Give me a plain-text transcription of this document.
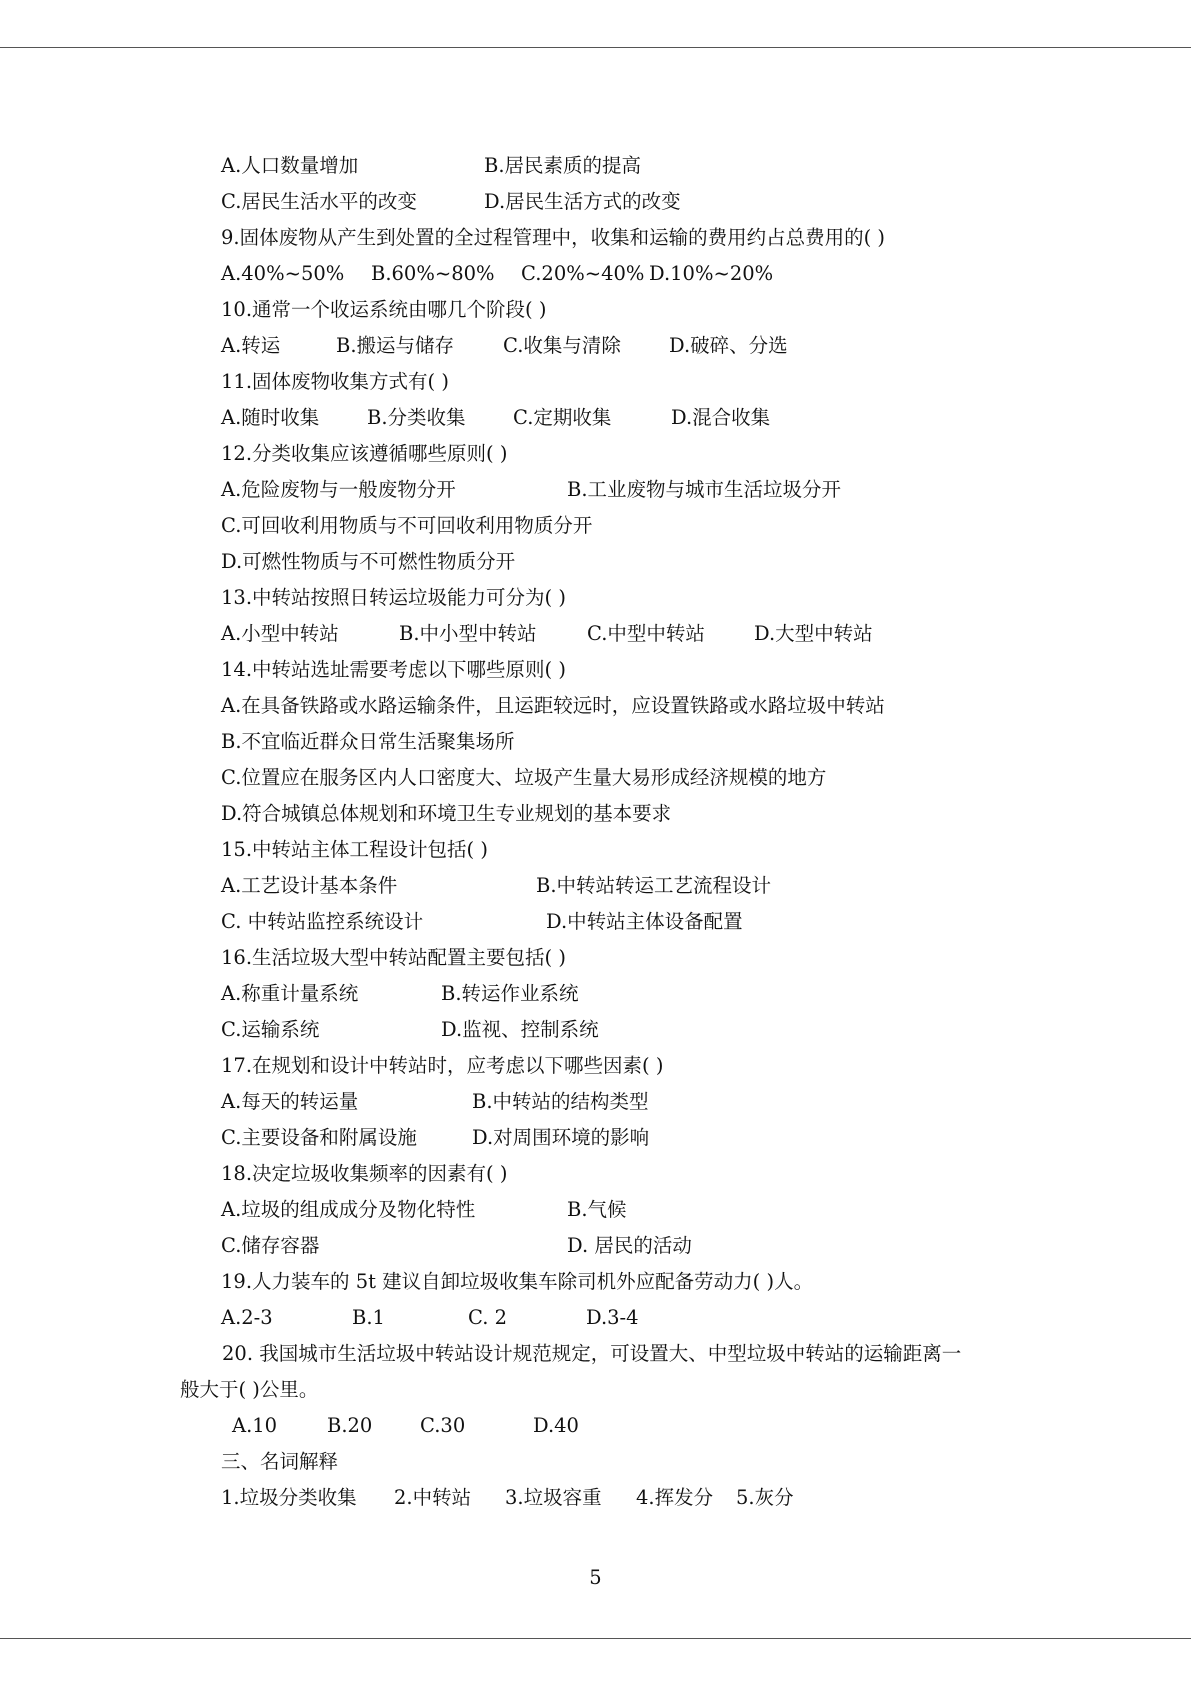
A.人口数量增加	B.居民素质的提高
C.居民生活水平的改变	D.居民生活方式的改变
9.固体废物从产生到处置的全过程管理中，收集和运输的费用约占总费用的( )
A.40%~50% B.60%~80% C.20%~40% D.10%~20%
10.通常一个收运系统由哪几个阶段( )
A.转运	B.搬运与储存	C.收集与清除 D.破碎、分选
11.固体废物收集方式有( )
A.随时收集 B.分类收集 C.定期收集	D.混合收集
12.分类收集应该遵循哪些原则( )
A.危险废物与一般废物分开	B.工业废物与城市生活垃圾分开
C.可回收利用物质与不可回收利用物质分开
D.可燃性物质与不可燃性物质分开
13.中转站按照日转运垃圾能力可分为( )
A.小型中转站	B.中小型中转站	C.中型中转站	D.大型中转站
14.中转站选址需要考虑以下哪些原则( )
A.在具备铁路或水路运输条件，且运距较远时，应设置铁路或水路垃圾中转站
B.不宜临近群众日常生活聚集场所
C.位置应在服务区内人口密度大、垃圾产生量大易形成经济规模的地方
D.符合城镇总体规划和环境卫生专业规划的基本要求
15.中转站主体工程设计包括( )
A.工艺设计基本条件	B.中转站转运工艺流程设计
C. 中转站监控系统设计	D.中转站主体设备配置
16.生活垃圾大型中转站配置主要包括( )
A.称重计量系统	B.转运作业系统
C.运输系统	D.监视、控制系统
17.在规划和设计中转站时，应考虑以下哪些因素( )
A.每天的转运量	B.中转站的结构类型
C.主要设备和附属设施	D.对周围环境的影响
18.决定垃圾收集频率的因素有( )
A.垃圾的组成成分及物化特性	B.气候
C.储存容器	D. 居民的活动
19.人力装车的 5t 建议自卸垃圾收集车除司机外应配备劳动力( )人。
A.2-3	B.1	C. 2	D.3-4
20. 我国城市生活垃圾中转站设计规范规定，可设置大、中型垃圾中转站的运输距离一
般大于( )公里。
A.10	B.20 C.30	D.40
三、名词解释
1.垃圾分类收集 2.中转站 3.垃圾容重 4.挥发分 5.灰分
5
